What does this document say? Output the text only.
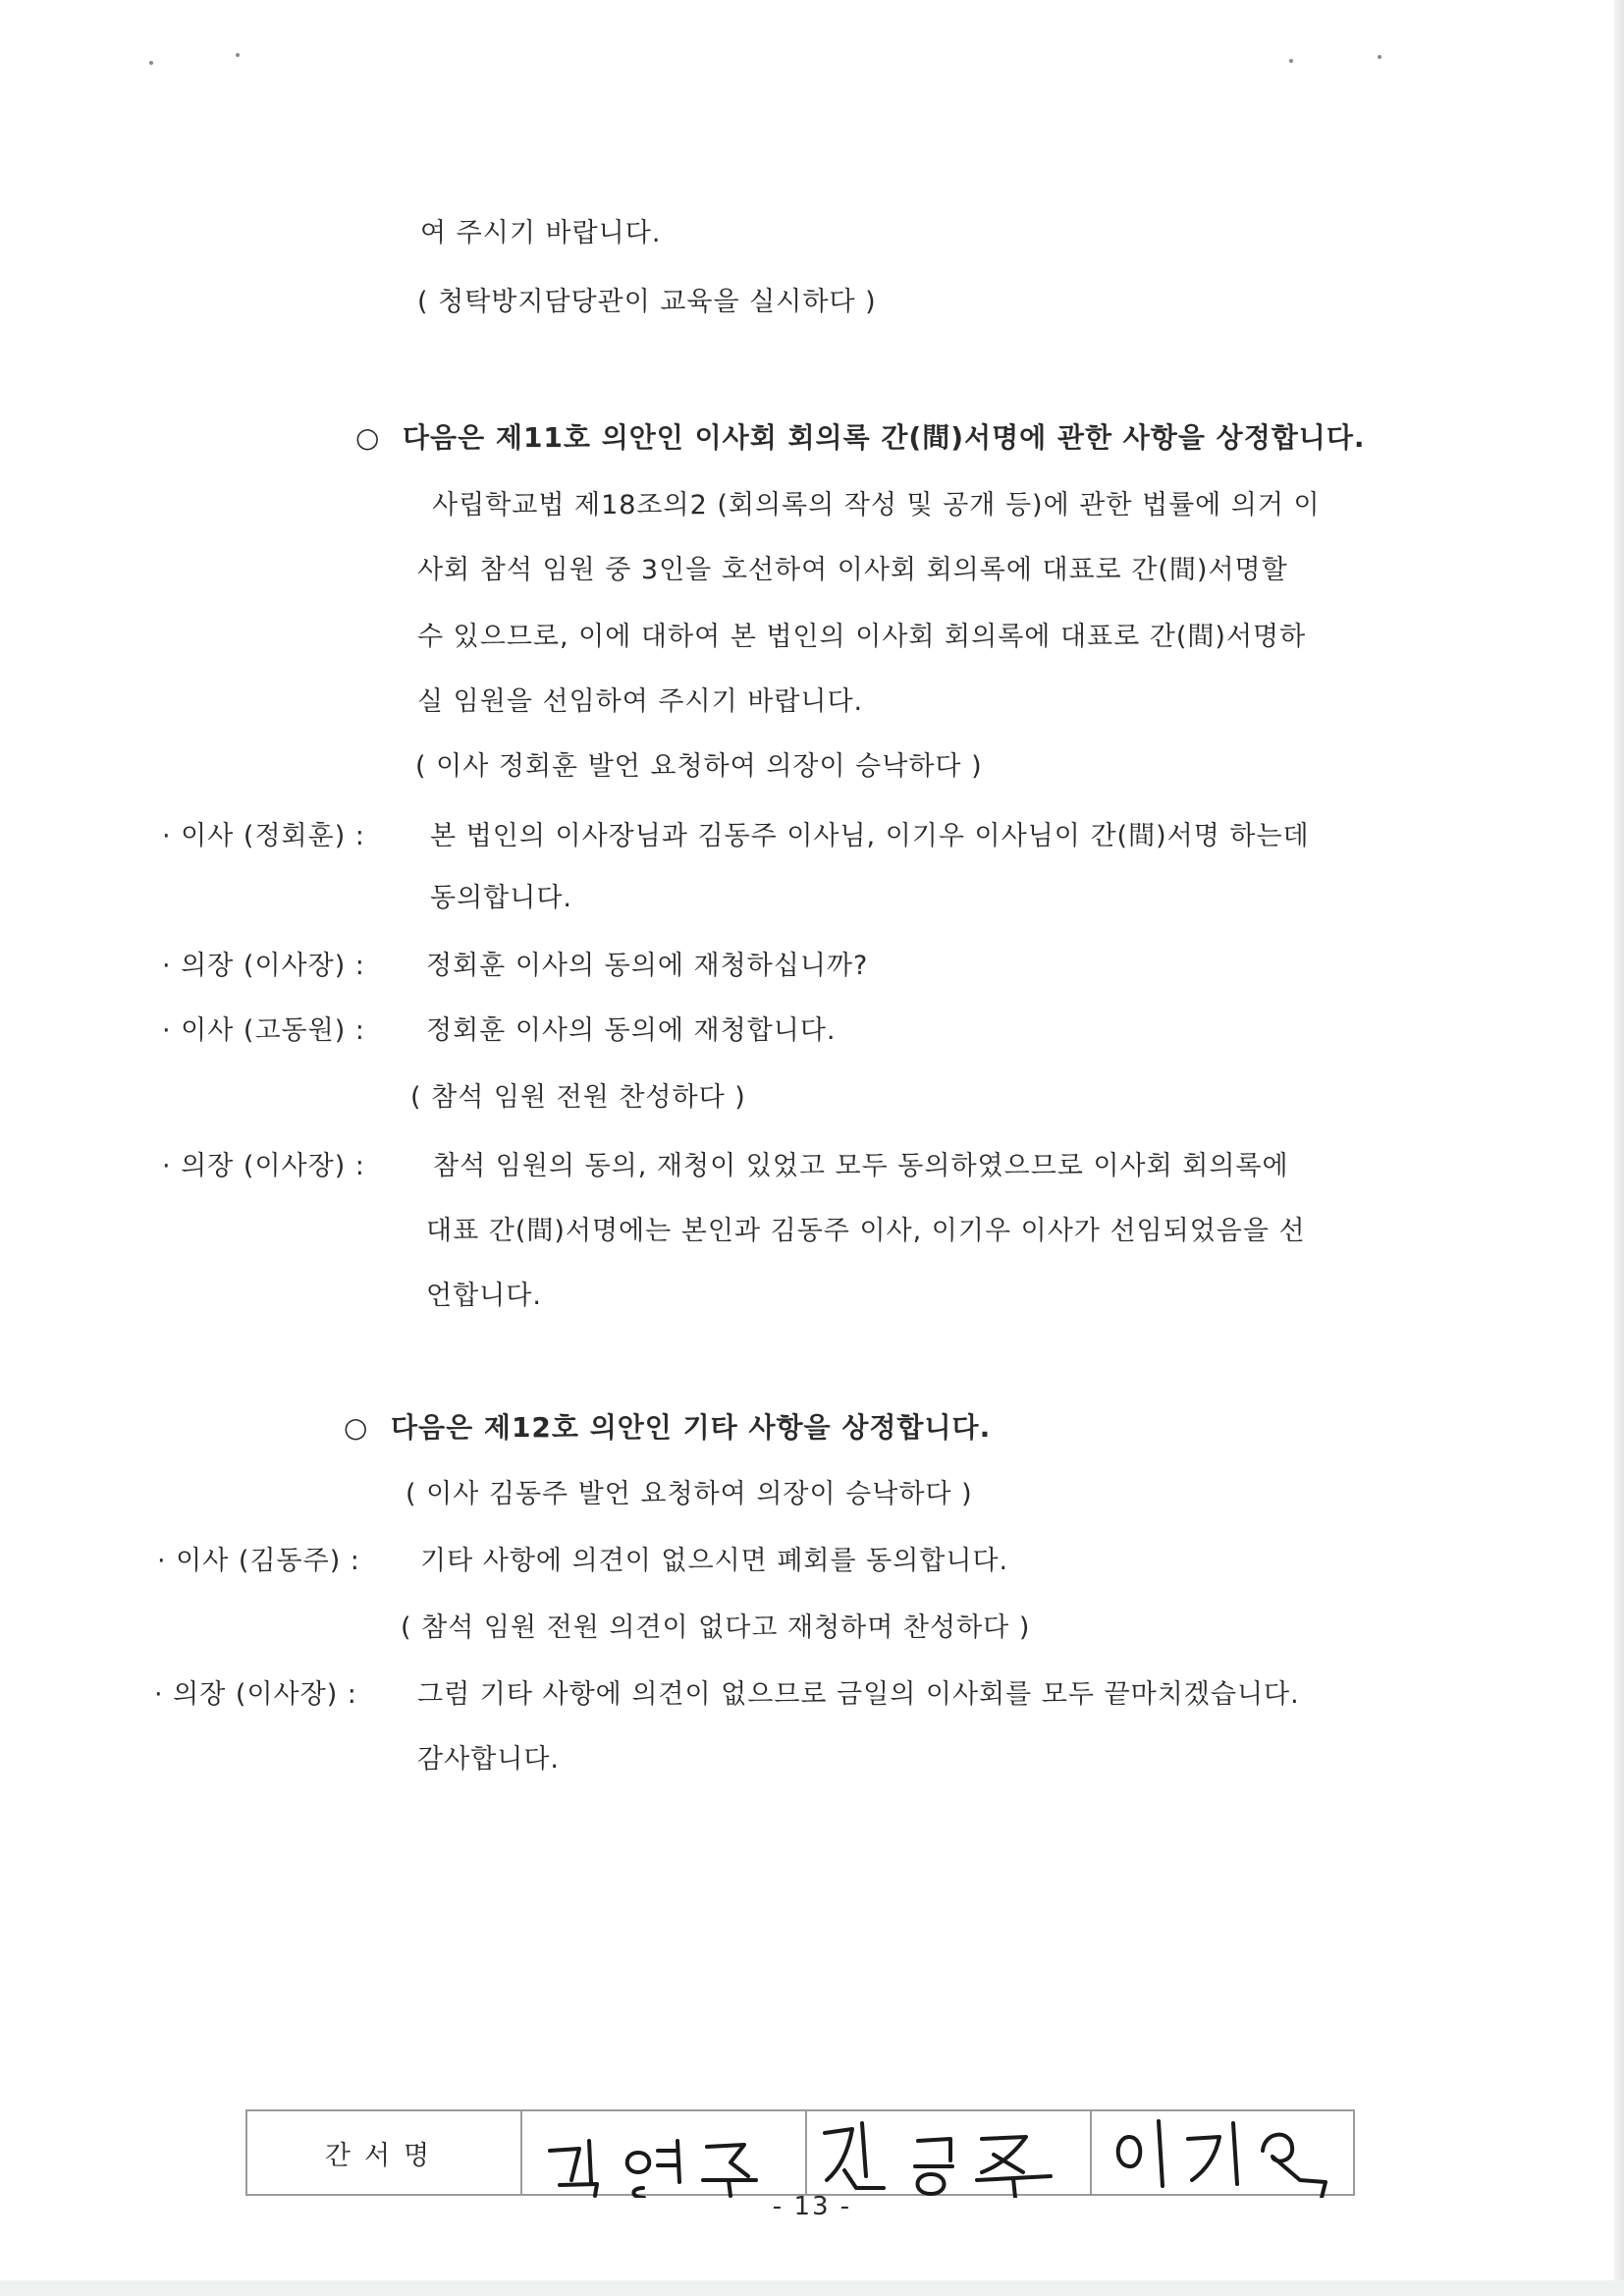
여 주시기 바랍니다.
( 청탁방지담당관이 교육을 실시하다 )
○ 다음은 제11호 의안인 이사회 회의록 간(間)서명에 관한 사항을 상정합니다.
사립학교법 제18조의2 (회의록의 작성 및 공개 등)에 관한 법률에 의거 이
사회 참석 임원 중 3인을 호선하여 이사회 회의록에 대표로 간(間)서명할
수 있으므로, 이에 대하여 본 법인의 이사회 회의록에 대표로 간(間)서명하
실 임원을 선임하여 주시기 바랍니다.
( 이사 정회훈 발언 요청하여 의장이 승낙하다 )
· 이사 (정회훈) : 본 법인의 이사장님과 김동주 이사님, 이기우 이사님이 간(間)서명 하는데
동의합니다.
· 의장 (이사장) : 정회훈 이사의 동의에 재청하십니까?
· 이사 (고동원) : 정회훈 이사의 동의에 재청합니다.
( 참석 임원 전원 찬성하다 )
· 의장 (이사장) :	참석 임원의 동의, 재청이 있었고 모두 동의하였으므로 이사회 회의록에
대표 간(間)서명에는 본인과 김동주 이사, 이기우 이사가 선임되었음을 선
언합니다.
○ 다음은 제12호 의안인 기타 사항을 상정합니다.
( 이사 김동주 발언 요청하여 의장이 승낙하다 )
· 이사 (김동주) : 기타 사항에 의견이 없으시면 폐회를 동의합니다.
( 참석 임원 전원 의견이 없다고 재청하며 찬성하다 )
· 의장 (이사장) : 그럼 기타 사항에 의견이 없으므로 금일의 이사회를 모두 끝마치겠습니다.
감사합니다.
간서명
- 13 -
